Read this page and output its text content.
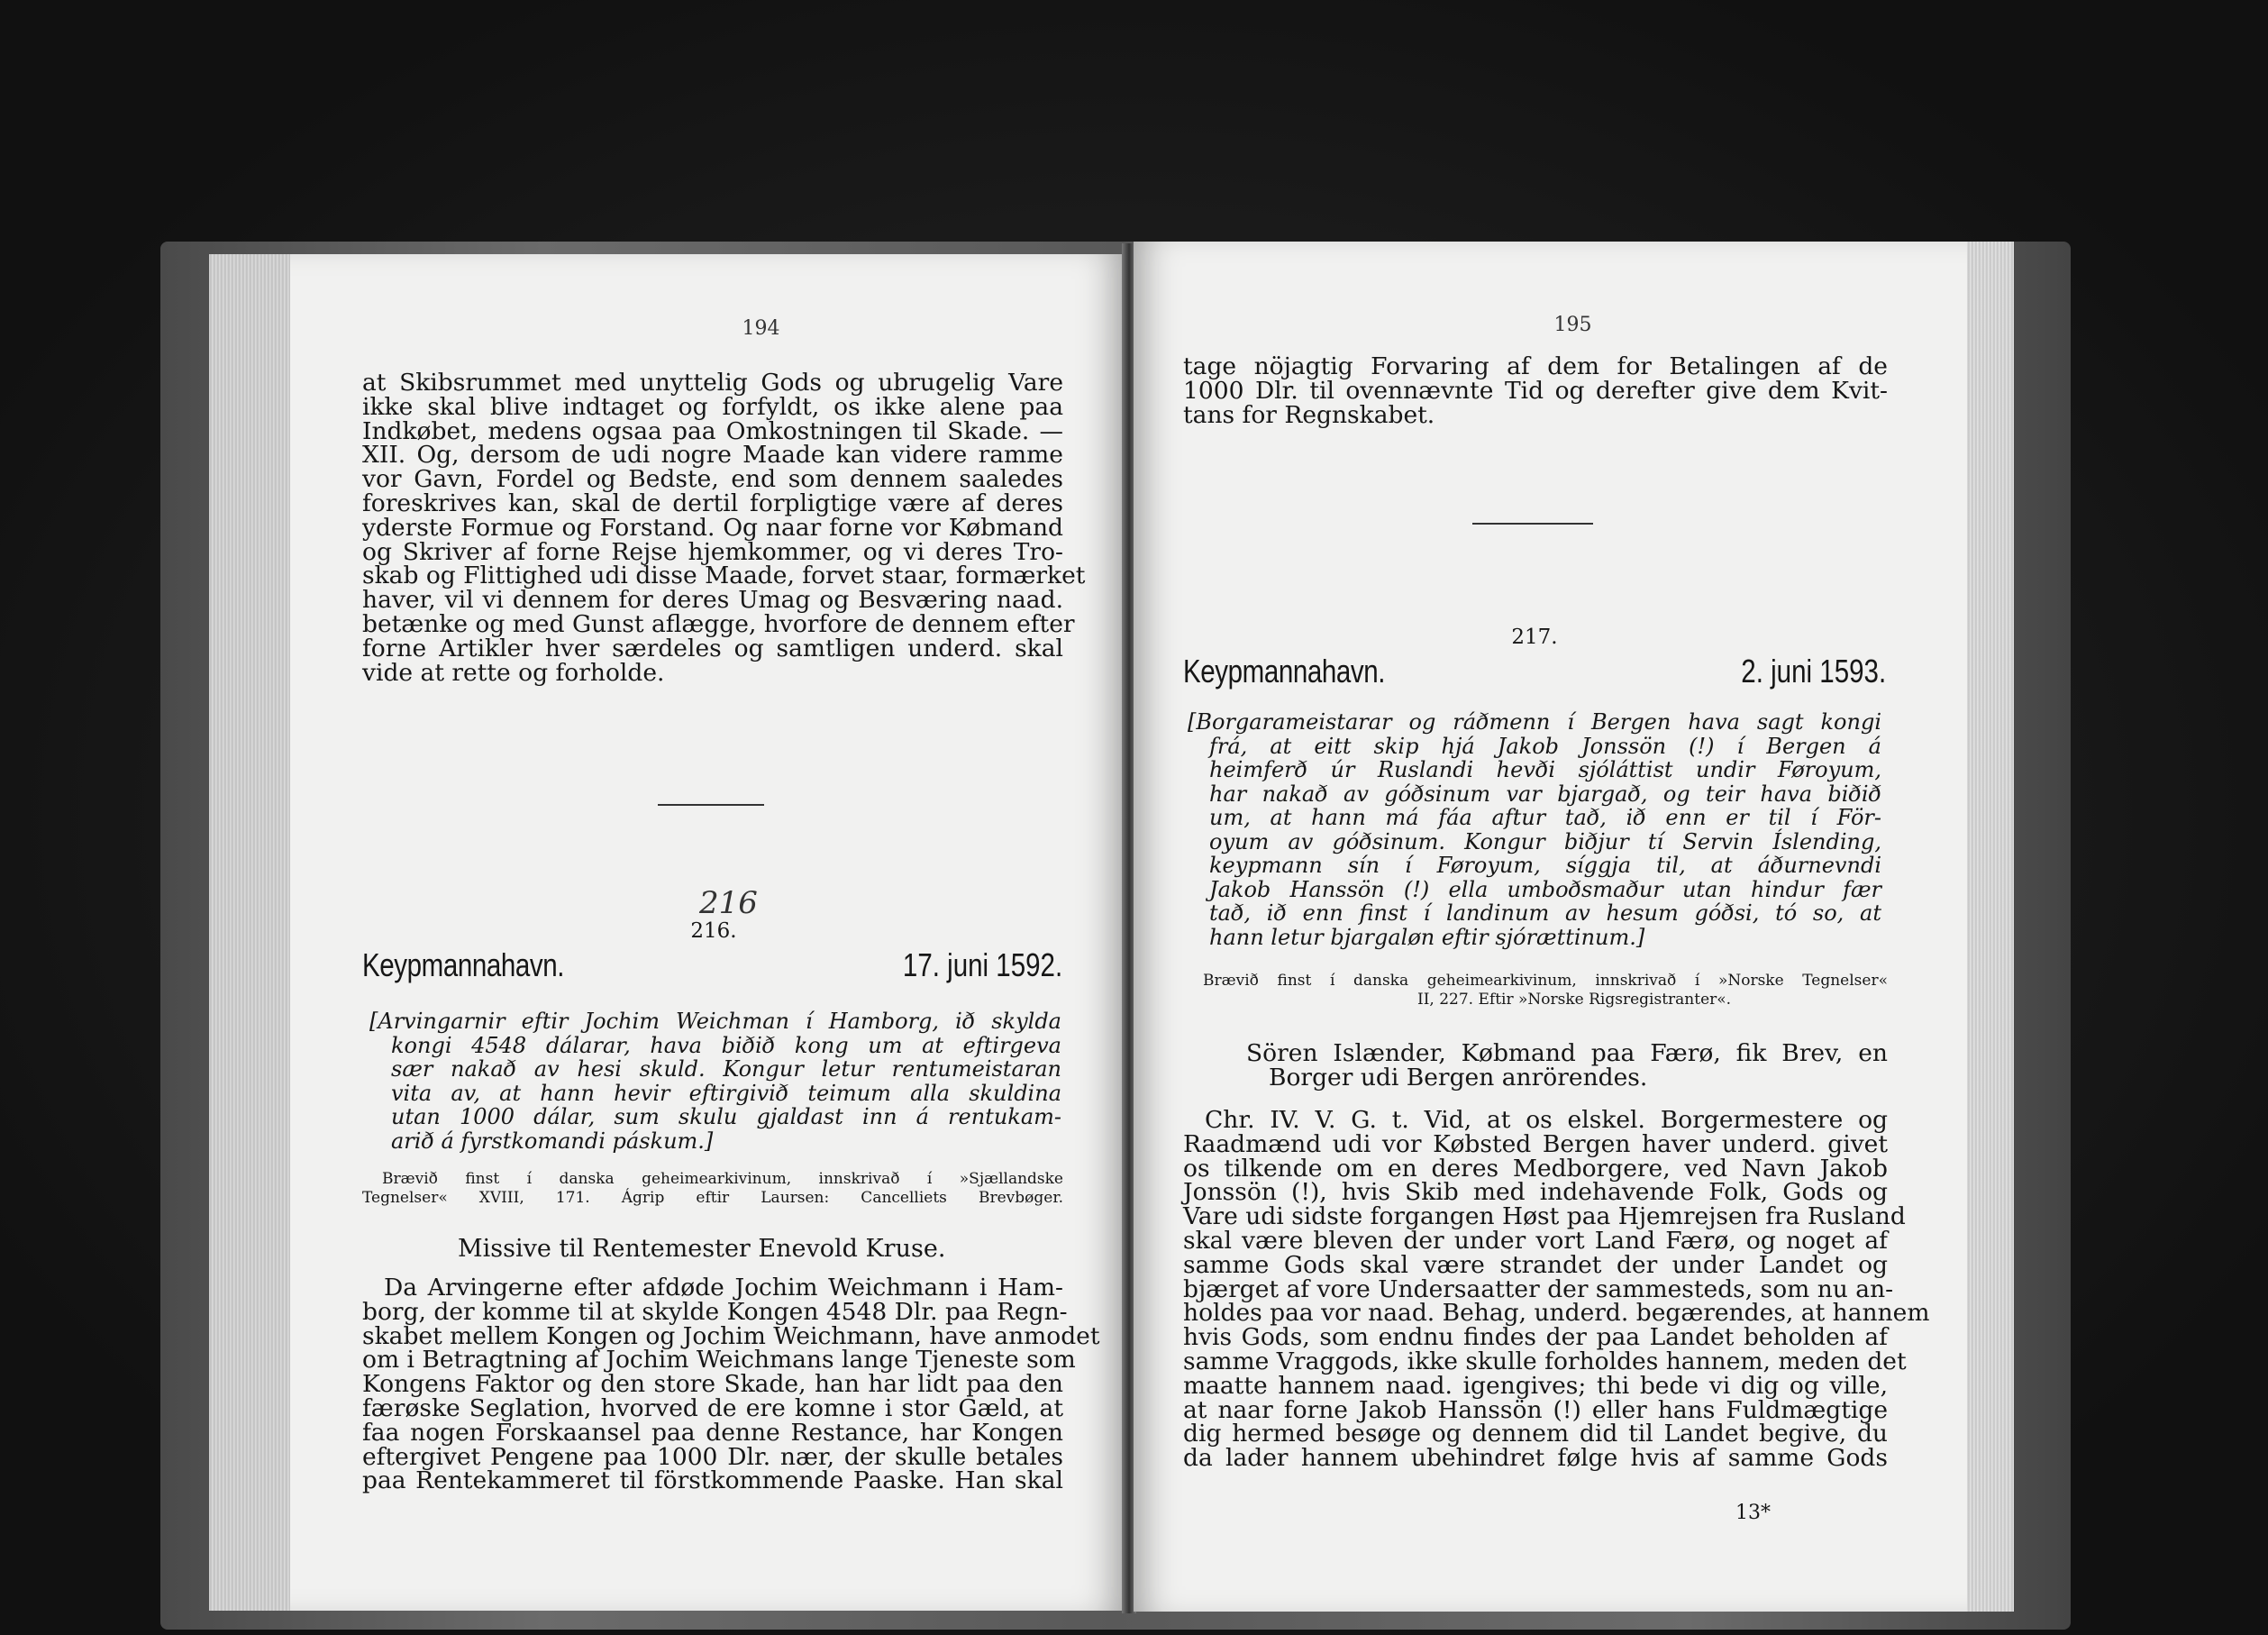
194
at Skibsrummet med unyttelig Gods og ubrugelig Vare
ikke skal blive indtaget og forfyldt, os ikke alene paa
Indkøbet, medens ogsaa paa Omkostningen til Skade. —
XII. Og, dersom de udi nogre Maade kan videre ramme
vor Gavn, Fordel og Bedste, end som dennem saaledes
foreskrives kan, skal de dertil forpligtige være af deres
yderste Formue og Forstand. Og naar forne vor Købmand
og Skriver af forne Rejse hjemkommer, og vi deres Tro-
skab og Flittighed udi disse Maade, forvet staar, formærket
haver, vil vi dennem for deres Umag og Besværing naad.
betænke og med Gunst aflægge, hvorfore de dennem efter
forne Artikler hver særdeles og samtligen underd. skal
vide at rette og forholde.
216
216.
Keypmannahavn.	17. juni 1592.
[Arvingarnir eftir Jochim Weichman í Hamborg, ið skylda
kongi 4548 dálarar, hava biðið kong um at eftirgeva
sær nakað av hesi skuld. Kongur letur rentumeistaran
vita av, at hann hevir eftirgivið teimum alla skuldina
utan 1000 dálar, sum skulu gjaldast inn á rentukam-
arið á fyrstkomandi páskum.]
Brævið finst í danska geheimearkivinum, innskrivað í »Sjællandske
Tegnelser« XVIII, 171. Ágrip eftir Laursen: Cancelliets Brevbøger.
Missive til Rentemester Enevold Kruse.
Da Arvingerne efter afdøde Jochim Weichmann i Ham-
borg, der komme til at skylde Kongen 4548 Dlr. paa Regn-
skabet mellem Kongen og Jochim Weichmann, have anmodet
om i Betragtning af Jochim Weichmans lange Tjeneste som
Kongens Faktor og den store Skade, han har lidt paa den
færøske Seglation, hvorved de ere komne i stor Gæld, at
faa nogen Forskaansel paa denne Restance, har Kongen
eftergivet Pengene paa 1000 Dlr. nær, der skulle betales
paa Rentekammeret til förstkommende Paaske. Han skal
195
tage nöjagtig Forvaring af dem for Betalingen af de
1000 Dlr. til ovennævnte Tid og derefter give dem Kvit-
tans for Regnskabet.
217.
Keypmannahavn.	2. juni 1593.
[Borgarameistarar og ráðmenn í Bergen hava sagt kongi
frá, at eitt skip hjá Jakob Jonssön (!) í Bergen á
heimferð úr Ruslandi hevði sjóláttist undir Føroyum,
har nakað av góðsinum var bjargað, og teir hava biðið
um, at hann má fáa aftur tað, ið enn er til í För-
oyum av góðsinum. Kongur biðjur tí Servin Íslending,
keypmann sín í Føroyum, síggja til, at áðurnevndi
Jakob Hanssön (!) ella umboðsmaður utan hindur fær
tað, ið enn finst í landinum av hesum góðsi, tó so, at
hann letur bjargaløn eftir sjórættinum.]
Brævið finst í danska geheimearkivinum, innskrivað í »Norske Tegnelser«
II, 227. Eftir »Norske Rigsregistranter«.
Sören Islænder, Købmand paa Færø, fik Brev, en
Borger udi Bergen anrörendes.
Chr. IV. V. G. t. Vid, at os elskel. Borgermestere og
Raadmænd udi vor Købsted Bergen haver underd. givet
os tilkende om en deres Medborgere, ved Navn Jakob
Jonssön (!), hvis Skib med indehavende Folk, Gods og
Vare udi sidste forgangen Høst paa Hjemrejsen fra Rusland
skal være bleven der under vort Land Færø, og noget af
samme Gods skal være strandet der under Landet og
bjærget af vore Undersaatter der sammesteds, som nu an-
holdes paa vor naad. Behag, underd. begærendes, at hannem
hvis Gods, som endnu findes der paa Landet beholden af
samme Vraggods, ikke skulle forholdes hannem, meden det
maatte hannem naad. igengives; thi bede vi dig og ville,
at naar forne Jakob Hanssön (!) eller hans Fuldmægtige
dig hermed besøge og dennem did til Landet begive, du
da lader hannem ubehindret følge hvis af samme Gods
13*
